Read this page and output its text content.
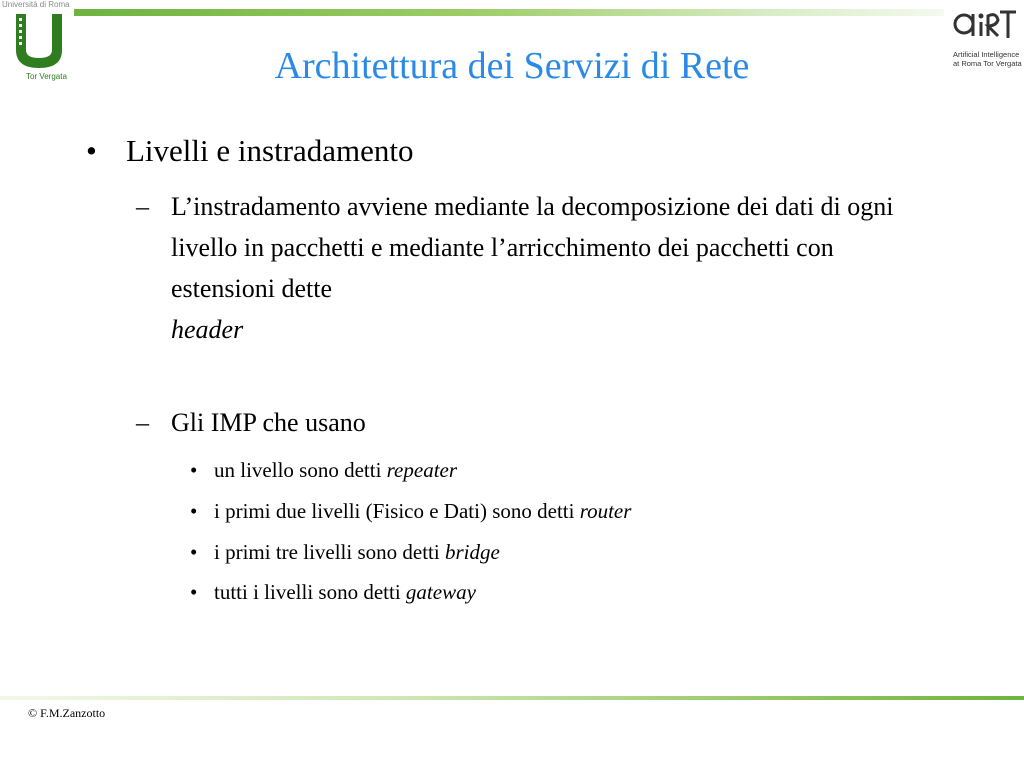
Università di Roma
Tor Vergata
Artificial Intelligence
at Roma Tor Vergata
Architettura dei Servizi di Rete
• Livelli e instradamento
– L’instradamento avviene mediante la decomposizione dei dati di ogni livello in pacchetti e mediante l’arricchimento dei pacchetti con estensioni dette
header
– Gli IMP che usano
• un livello sono detti repeater
• i primi due livelli (Fisico e Dati) sono detti router
• i primi tre livelli sono detti bridge
• tutti i livelli sono detti gateway
© F.M.Zanzotto
